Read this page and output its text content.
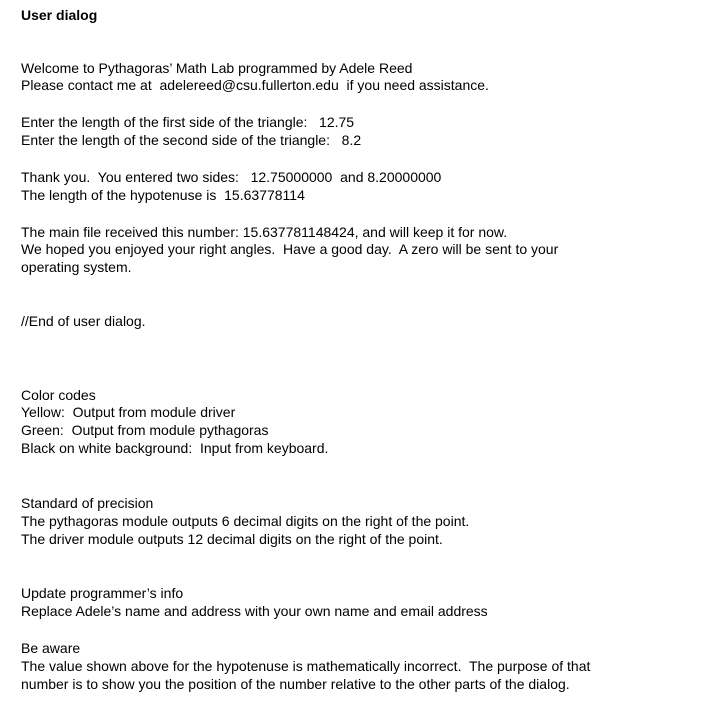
User dialog
Welcome to Pythagoras’ Math Lab programmed by Adele Reed
Please contact me at  adelereed@csu.fullerton.edu  if you need assistance.
Enter the length of the first side of the triangle:   12.75
Enter the length of the second side of the triangle:   8.2
Thank you.  You entered two sides:   12.75000000  and 8.20000000
The length of the hypotenuse is  15.63778114
The main file received this number: 15.637781148424, and will keep it for now.
We hoped you enjoyed your right angles.  Have a good day.  A zero will be sent to your
operating system.
//End of user dialog.
Color codes
Yellow:  Output from module driver
Green:  Output from module pythagoras
Black on white background:  Input from keyboard.
Standard of precision
The pythagoras module outputs 6 decimal digits on the right of the point.
The driver module outputs 12 decimal digits on the right of the point.
Update programmer’s info
Replace Adele’s name and address with your own name and email address
Be aware
The value shown above for the hypotenuse is mathematically incorrect.  The purpose of that
number is to show you the position of the number relative to the other parts of the dialog.
